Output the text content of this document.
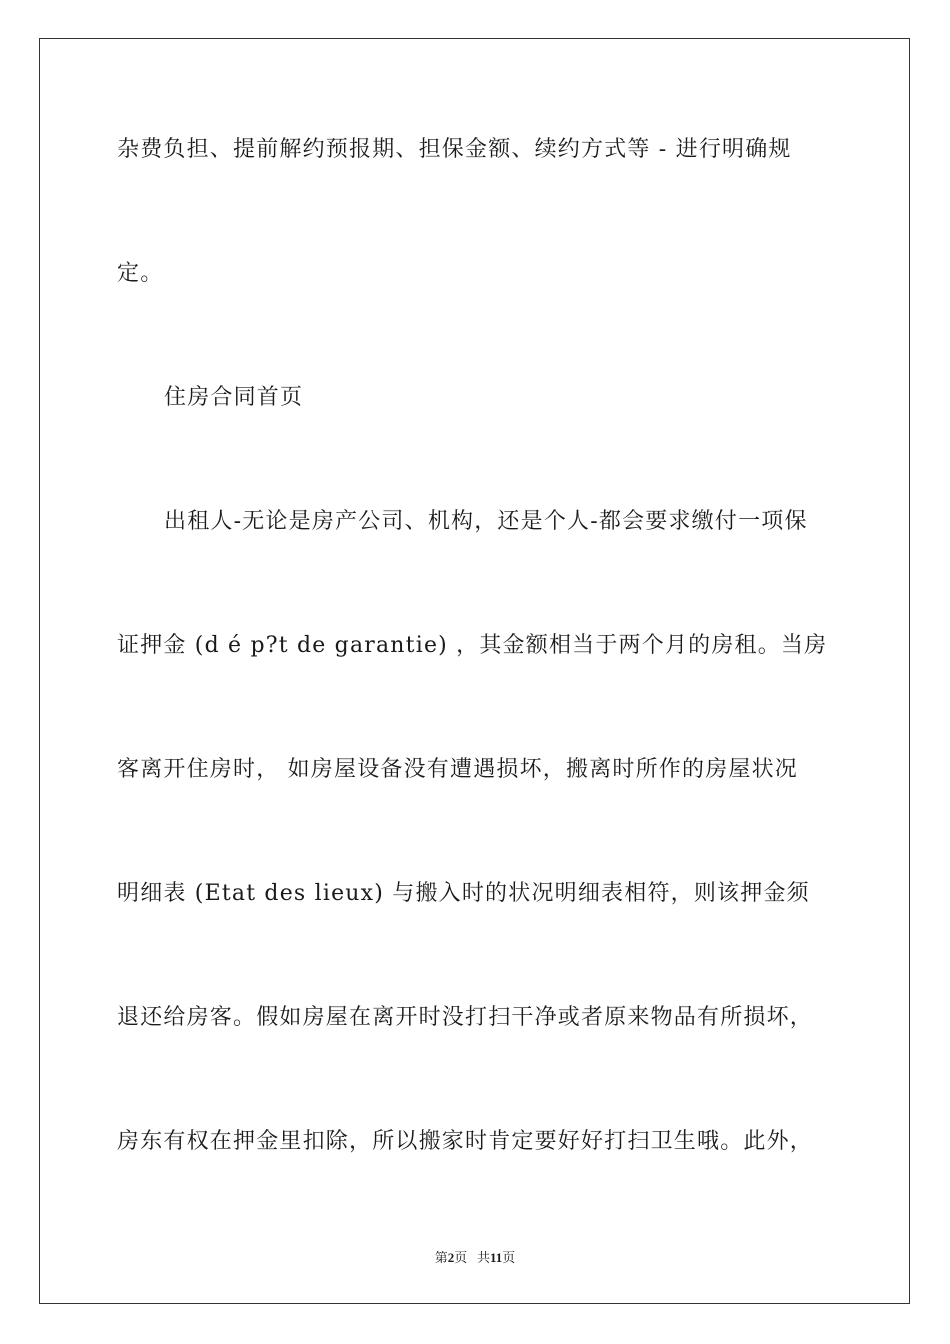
杂费负担、提前解约预报期、担保金额、续约方式等 - 进行明确规

定。

住房合同首页

出租人-无论是房产公司、机构，还是个人-都会要求缴付一项保

证押金 (d é p?t de garantie) ，其金额相当于两个月的房租。当房

客离开住房时， 如房屋设备没有遭遇损坏，搬离时所作的房屋状况

明细表 (Etat des lieux) 与搬入时的状况明细表相符，则该押金须

退还给房客。假如房屋在离开时没打扫干净或者原来物品有所损坏，

房东有权在押金里扣除，所以搬家时肯定要好好打扫卫生哦。此外，

第2页 共11页
